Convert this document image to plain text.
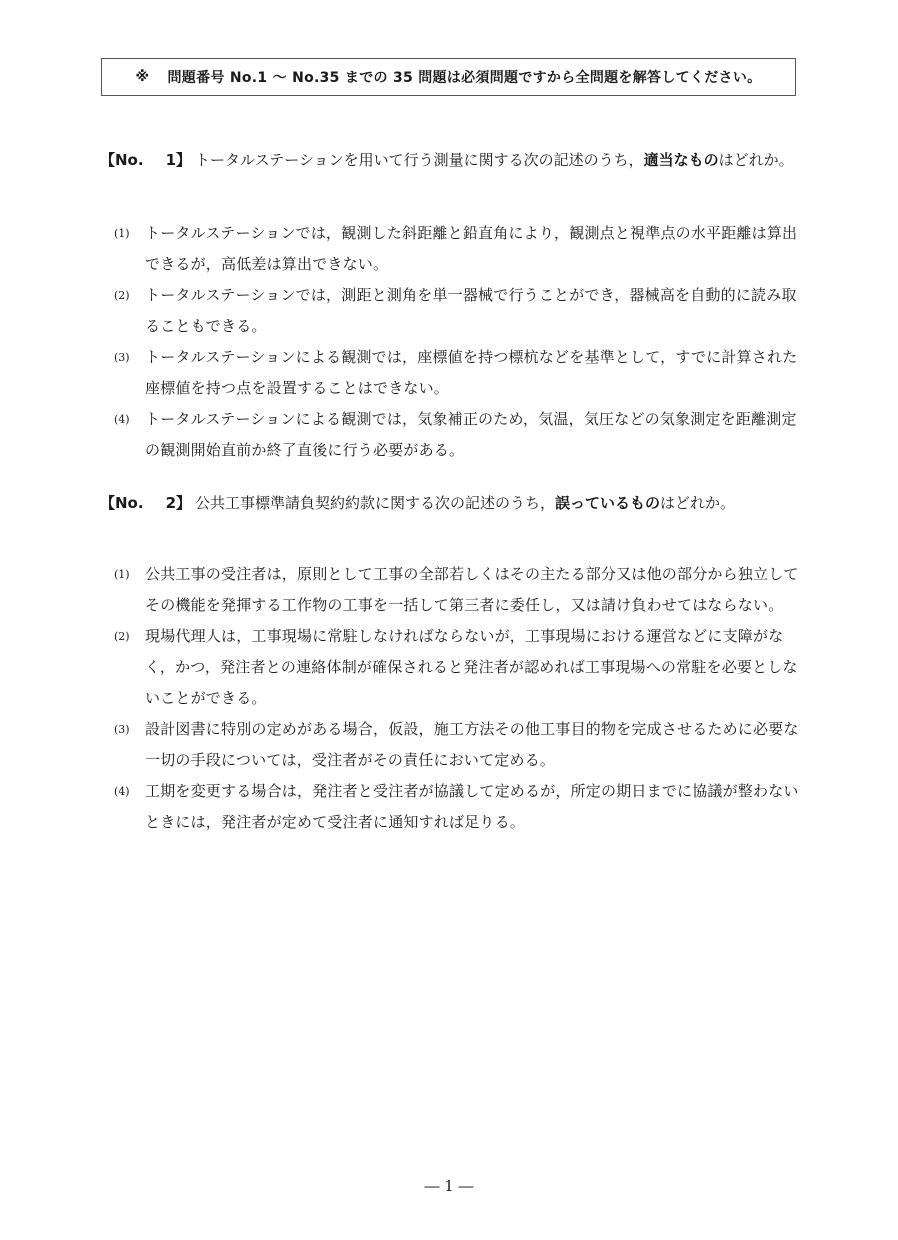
※ 問題番号 No.1 ～ No.35 までの 35 問題は必須問題ですから全問題を解答してください。
【No. 1】 トータルステーションを用いて行う測量に関する次の記述のうち，適当なものはどれか。
(1)	トータルステーションでは，観測した斜距離と鉛直角により，観測点と視準点の水平距離は算出できるが，高低差は算出できない。
(2)	トータルステーションでは，測距と測角を単一器械で行うことができ，器械高を自動的に読み取ることもできる。
(3)	トータルステーションによる観測では，座標値を持つ標杭などを基準として，すでに計算された座標値を持つ点を設置することはできない。
(4)	トータルステーションによる観測では，気象補正のため，気温，気圧などの気象測定を距離測定の観測開始直前か終了直後に行う必要がある。
【No. 2】 公共工事標準請負契約約款に関する次の記述のうち，誤っているものはどれか。
(1)	公共工事の受注者は，原則として工事の全部若しくはその主たる部分又は他の部分から独立してその機能を発揮する工作物の工事を一括して第三者に委任し，又は請け負わせてはならない。
(2)	現場代理人は，工事現場に常駐しなければならないが，工事現場における運営などに支障がなく，かつ，発注者との連絡体制が確保されると発注者が認めれば工事現場への常駐を必要としないことができる。
(3)	設計図書に特別の定めがある場合，仮設，施工方法その他工事目的物を完成させるために必要な一切の手段については，受注者がその責任において定める。
(4)	工期を変更する場合は，発注者と受注者が協議して定めるが，所定の期日までに協議が整わないときには，発注者が定めて受注者に通知すれば足りる。
― 1 ―
